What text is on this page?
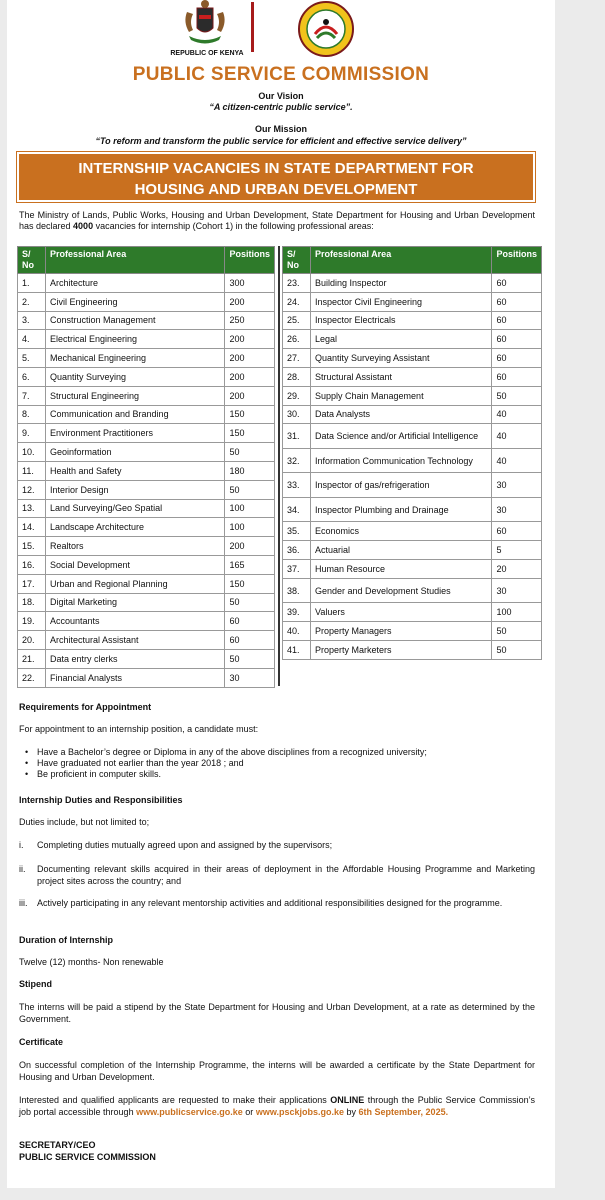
REPUBLIC OF KENYA
PUBLIC SERVICE COMMISSION
Our Vision
“A citizen-centric public service”.
Our Mission
“To reform and transform the public service for efficient and effective service delivery”
INTERNSHIP VACANCIES IN STATE DEPARTMENT FOR
HOUSING AND URBAN DEVELOPMENT
The Ministry of Lands, Public Works, Housing and Urban Development, State Department for Housing and Urban Development has declared 4000 vacancies for internship (Cohort 1) in the following professional areas:
S/
No	Professional Area	Positions
1.	Architecture	300
2.	Civil Engineering	200
3.	Construction Management	250
4.	Electrical Engineering	200
5.	Mechanical Engineering	200
6.	Quantity Surveying	200
7.	Structural Engineering	200
8.	Communication and Branding	150
9.	Environment Practitioners	150
10.	Geoinformation	50
11.	Health and Safety	180
12.	Interior Design	50
13.	Land Surveying/Geo Spatial	100
14.	Landscape Architecture	100
15.	Realtors	200
16.	Social Development	165
17.	Urban and Regional Planning	150
18.	Digital Marketing	50
19.	Accountants	60
20.	Architectural Assistant	60
21.	Data entry clerks	50
22.	Financial Analysts	30
S/
No	Professional Area	Positions
23.	Building Inspector	60
24.	Inspector Civil Engineering	60
25.	Inspector Electricals	60
26.	Legal	60
27.	Quantity Surveying Assistant	60
28.	Structural Assistant	60
29.	Supply Chain Management	50
30.	Data Analysts	40
31.	Data Science and/or Artificial Intelligence	40
32.	Information Communication Technology	40
33.	Inspector of gas/refrigeration	30
34.	Inspector Plumbing and Drainage	30
35.	Economics	60
36.	Actuarial	5
37.	Human Resource	20
38.	Gender and Development Studies	30
39.	Valuers	100
40.	Property Managers	50
41.	Property Marketers	50
Requirements for Appointment
For appointment to an internship position, a candidate must:
• Have a Bachelor’s degree or Diploma in any of the above disciplines from a recognized university;
• Have graduated not earlier than the year 2018 ; and
• Be proficient in computer skills.
Internship Duties and Responsibilities
Duties include, but not limited to;
i.	Completing duties mutually agreed upon and assigned by the supervisors;
ii.	Documenting relevant skills acquired in their areas of deployment in the Affordable Housing Programme and Marketing project sites across the country; and
iii.	Actively participating in any relevant mentorship activities and additional responsibilities designed for the programme.
Duration of Internship
Twelve (12) months- Non renewable
Stipend
The interns will be paid a stipend by the State Department for Housing and Urban Development, at a rate as determined by the Government.
Certificate
On successful completion of the Internship Programme, the interns will be awarded a certificate by the State Department for Housing and Urban Development.
Interested and qualified applicants are requested to make their applications ONLINE through the Public Service Commission’s job portal accessible through www.publicservice.go.ke or www.psckjobs.go.ke by 6th September, 2025.
SECRETARY/CEO
PUBLIC SERVICE COMMISSION
